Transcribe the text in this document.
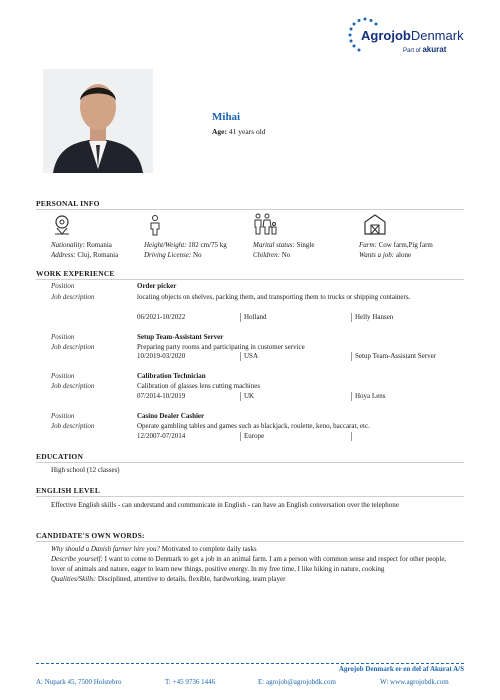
AgrojobDenmark
Part of akurat
Mihai
Age: 41 years old
PERSONAL INFO
Nationality: Romania
Address: Cluj, Romania
Height/Weight: 182 cm/75 kg
Driving License: No
Marital status: Single
Children: No
Farm: Cow farm,Pig farm
Wants a job: alone
WORK EXPERIENCE
Position	Order picker
Job description	locating objects on shelves, packing them, and transporting them to trucks or shipping containers.
06/2021-10/2022	Holland	Helly Hansen
Position	Setup Team-Assistant Server
Job description	Preparing party rooms and participating in customer service
10/2019-03/2020	USA	Setup Team-Assistant Server
Position	Calibration Technician
Job description	Calibration of glasses lens cutting machines
07/2014-10/2019	UK	Hoya Lens
Position	Casino Dealer Cashier
Job description	Operate gambling tables and games such as blackjack, roulette, keno, baccarat, etc.
12/2007-07/2014	Europe
EDUCATION
High school (12 classes)
ENGLISH LEVEL
Effective English skills - can understand and communicate in English - can have an English conversation over the telephone
CANDIDATE'S OWN WORDS:
Why should a Danish farmer hire you? Motivated to complete daily tasks
Describe yourself: I want to come to Denmark to get a job in an animal farm. I am a person with common sense and respect for other people, lover of animals and nature, eager to learn new things, positive energy. In my free time, I like hiking in nature, cooking
Qualities/Skills: Disciplined, attentive to details, flexible, hardworking, team player
Agrojob Denmark er en del af Akurat A/S
A: Nupark 45, 7500 Holstebro	T: +45 9736 1446	E: agrojob@agrojobdk.com	W: www.agrojobdk.com
